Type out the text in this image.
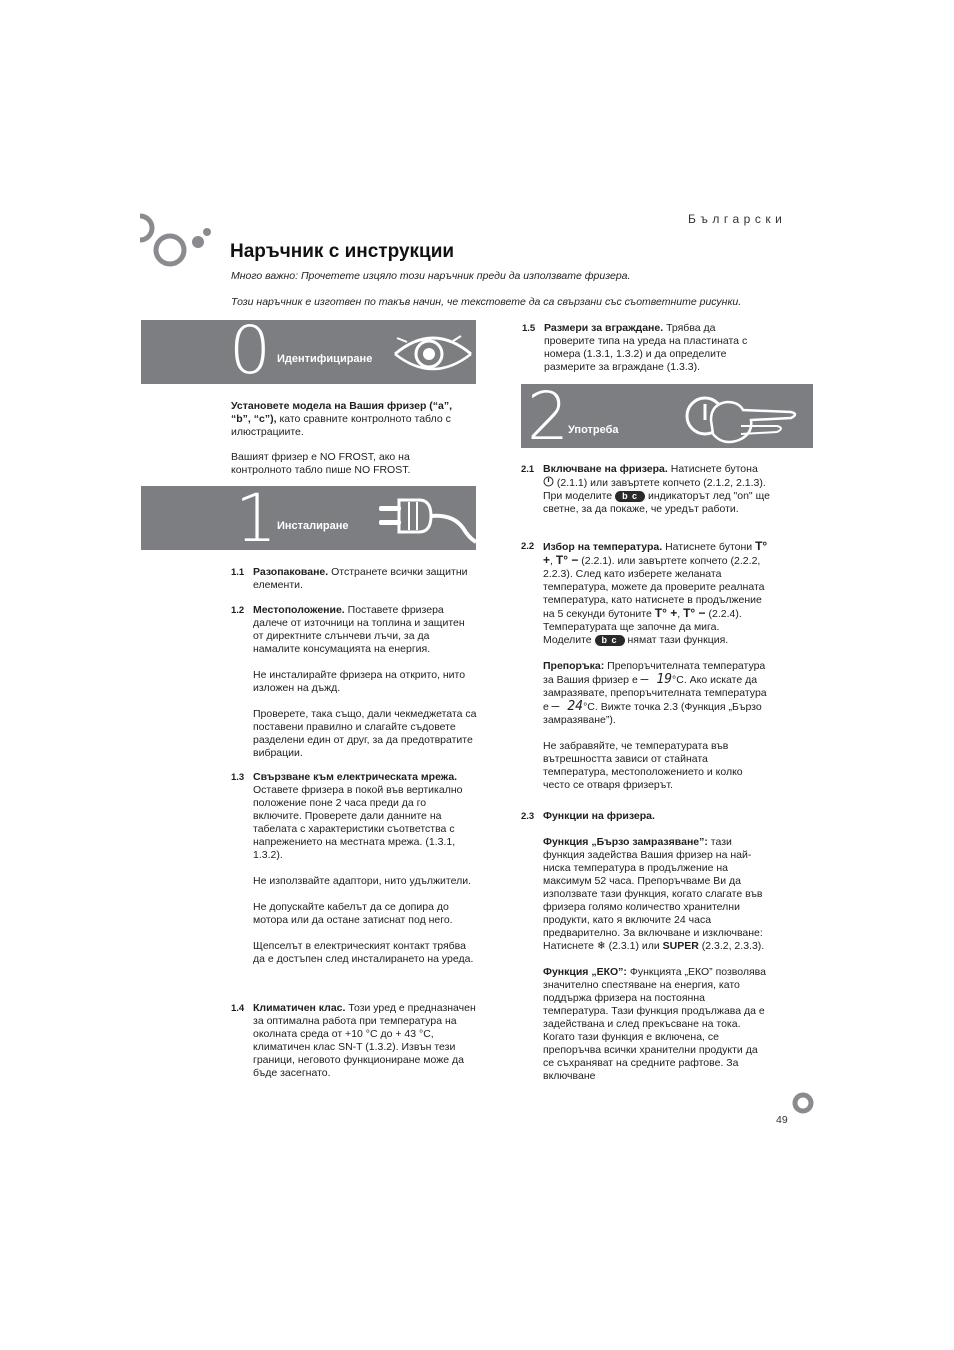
Български
Наръчник с инструкции
Много важно: Прочетете изцяло този наръчник преди да използвате фризера.
Този наръчник е изготвен по такъв начин, че текстовете да са свързани със съответните рисунки.
0 Идентифициране

Установете модела на Вашия фризер (“a”, “b”, “c”), като сравните контролното табло с илюстрациите.

Вашият фризер е NO FROST, ако на контролното табло пише NO FROST.
1 Инсталиране
1.1 Разопаковане. Отстранете всички защитни елементи.

1.2 Местоположение. Поставете фризера далече от източници на топлина и защитен от директните слънчеви лъчи, за да намалите консумацията на енергия.

Не инсталирайте фризера на открито, нито изложен на дъжд.

Проверете, така също, дали чекмеджетата са поставени правилно и слагайте съдовете разделени един от друг, за да предотвратите вибрации.

1.3 Свързване към електрическата мрежа. Оставете фризера в покой във вертикално положение поне 2 часа преди да го включите. Проверете дали данните на табелата с характеристики съответства с напрежението на местната мрежа. (1.3.1, 1.3.2).

Не използвайте адаптори, нито удължители.

Не допускайте кабелът да се допира до мотора или да остане затиснат под него.

Щепселът в електрическият контакт трябва да е достъпен след инсталирането на уреда.

1.4 Климатичен клас. Този уред е предназначен за оптимална работа при температура на околната среда от +10 °С до + 43 °С, климатичен клас SN-T (1.3.2). Извън тези граници, неговото функциониране може да бъде засегнато.

1.5 Размери за вграждане. Трябва да проверите типа на уреда на пластината с номера (1.3.1, 1.3.2) и да определите размерите за вграждане (1.3.3).

2 Употреба
2.1 Включване на фризера. Натиснете бутона  (2.1.1) или завъртете копчето (2.1.2, 2.1.3). При моделите b c индикаторът лед "on" ще светне, за да покаже, че уредът работи.

2.2 Избор на температура. Натиснете бутони T° +, T° − (2.2.1). или завъртете копчето (2.2.2, 2.2.3). След като изберете желаната температура, можете да проверите реалната температура, като натиснете в продължение на 5 секунди бутоните T° +, T° − (2.2.4). Температурата ще започне да мига. Моделите b c нямат тази функция.

Препоръка: Препоръчителната температура за Вашия фризер е – 19°С. Ако искате да замразявате, препоръчителната температура е – 24°С. Вижте точка 2.3 (Функция „Бързо замразяване”).

Не забравяйте, че температурата във вътрешността зависи от стайната температура, местоположението и колко често се отваря фризерът.

2.3 Функции на фризера.

Функция „Бързо замразяване”: тази функция задейства Вашия фризер на най-ниска температура в продължение на максимум 52 часа. Препоръчваме Ви да използвате тази функция, когато слагате във фризера голямо количество хранителни продукти, като я включите 24 часа предварително. За включване и изключване: Натиснете ❄ (2.3.1) или SUPER (2.3.2, 2.3.3).

Функция „ЕКО”: Функцията „ЕКО” позволява значително спестяване на енергия, като поддържа фризера на постоянна температура. Тази функция продължава да е задействана и след прекъсване на тока. Когато тази функция е включена, се препоръчва всички хранителни продукти да се съхраняват на средните рафтове. За включване

49
